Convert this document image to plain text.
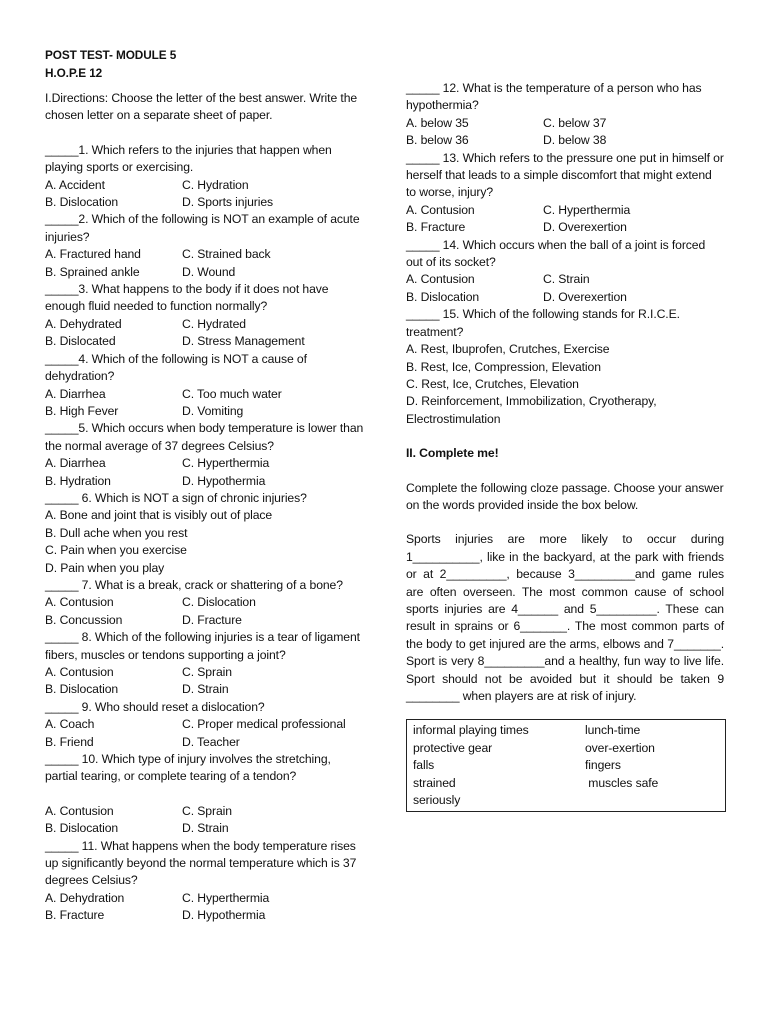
POST TEST- MODULE 5
H.O.P.E 12
I.Directions: Choose the letter of the best answer. Write the chosen letter on a separate sheet of paper.
_____1. Which refers to the injuries that happen when playing sports or exercising.
A. Accident	C. Hydration
B. Dislocation	D. Sports injuries
_____2. Which of the following is NOT an example of acute injuries?
A. Fractured hand	C. Strained back
B. Sprained ankle	D. Wound
_____3. What happens to the body if it does not have enough fluid needed to function normally?
A. Dehydrated	C. Hydrated
B. Dislocated	D. Stress Management
_____4. Which of the following is NOT a cause of dehydration?
A. Diarrhea	C. Too much water
B. High Fever	D. Vomiting
_____5. Which occurs when body temperature is lower than the normal average of 37 degrees Celsius?
A. Diarrhea	C. Hyperthermia
B. Hydration	D. Hypothermia
_____ 6. Which is NOT a sign of chronic injuries?
A. Bone and joint that is visibly out of place
B. Dull ache when you rest
C. Pain when you exercise
D. Pain when you play
_____ 7. What is a break, crack or shattering of a bone?
A. Contusion	C. Dislocation
B. Concussion	D. Fracture
_____ 8. Which of the following injuries is a tear of ligament fibers, muscles or tendons supporting a joint?
A. Contusion	C. Sprain
B. Dislocation	D. Strain
_____ 9. Who should reset a dislocation?
A. Coach	C. Proper medical professional
B. Friend	D. Teacher
_____ 10. Which type of injury involves the stretching, partial tearing, or complete tearing of a tendon?
A. Contusion	C. Sprain
B. Dislocation	D. Strain
_____ 11. What happens when the body temperature rises up significantly beyond the normal temperature which is 37 degrees Celsius?
A. Dehydration	C. Hyperthermia
B. Fracture	D. Hypothermia
_____ 12. What is the temperature of a person who has hypothermia?
A. below 35	C. below 37
B. below 36	D. below 38
_____ 13. Which refers to the pressure one put in himself or herself that leads to a simple discomfort that might extend to worse, injury?
A. Contusion	C. Hyperthermia
B. Fracture	D. Overexertion
_____ 14. Which occurs when the ball of a joint is forced out of its socket?
A. Contusion	C. Strain
B. Dislocation	D. Overexertion
_____ 15. Which of the following stands for R.I.C.E. treatment?
A. Rest, Ibuprofen, Crutches, Exercise
B. Rest, Ice, Compression, Elevation
C. Rest, Ice, Crutches, Elevation
D. Reinforcement, Immobilization, Cryotherapy, Electrostimulation
II. Complete me!
Complete the following cloze passage. Choose your answer on the words provided inside the box below.
Sports injuries are more likely to occur during 1__________, like in the backyard, at the park with friends or at 2_________, because 3_________and game rules are often overseen. The most common cause of school sports injuries are 4______ and 5_________. These can result in sprains or 6_______. The most common parts of the body to get injured are the arms, elbows and 7_______. Sport is very 8_________and a healthy, fun way to live life. Sport should not be avoided but it should be taken 9 ________ when players are at risk of injury.
informal playing times	lunch-time
protective gear	over-exertion
falls	fingers
strained	muscles safe
seriously
